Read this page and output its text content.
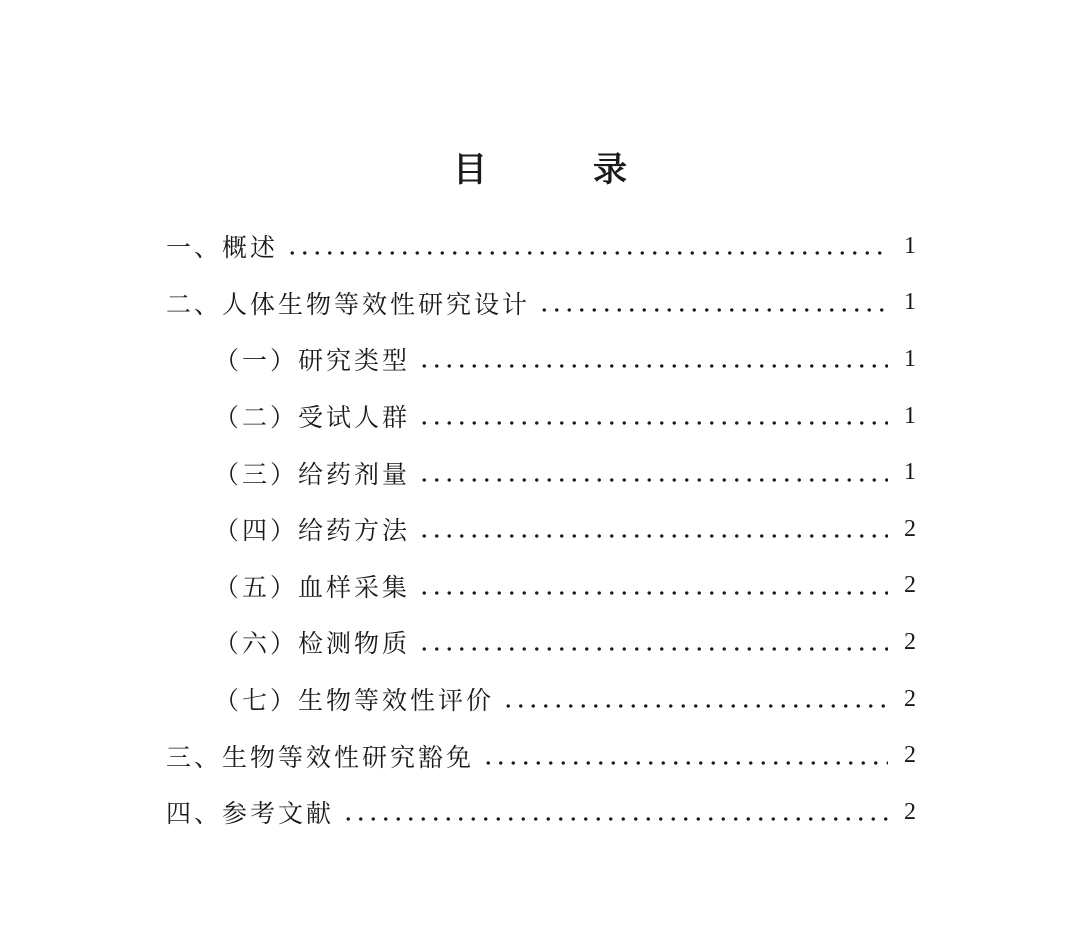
目　录
一、概述	1
二、人体生物等效性研究设计	1
（一）研究类型	1
（二）受试人群	1
（三）给药剂量	1
（四）给药方法	2
（五）血样采集	2
（六）检测物质	2
（七）生物等效性评价	2
三、生物等效性研究豁免	2
四、参考文献	2
